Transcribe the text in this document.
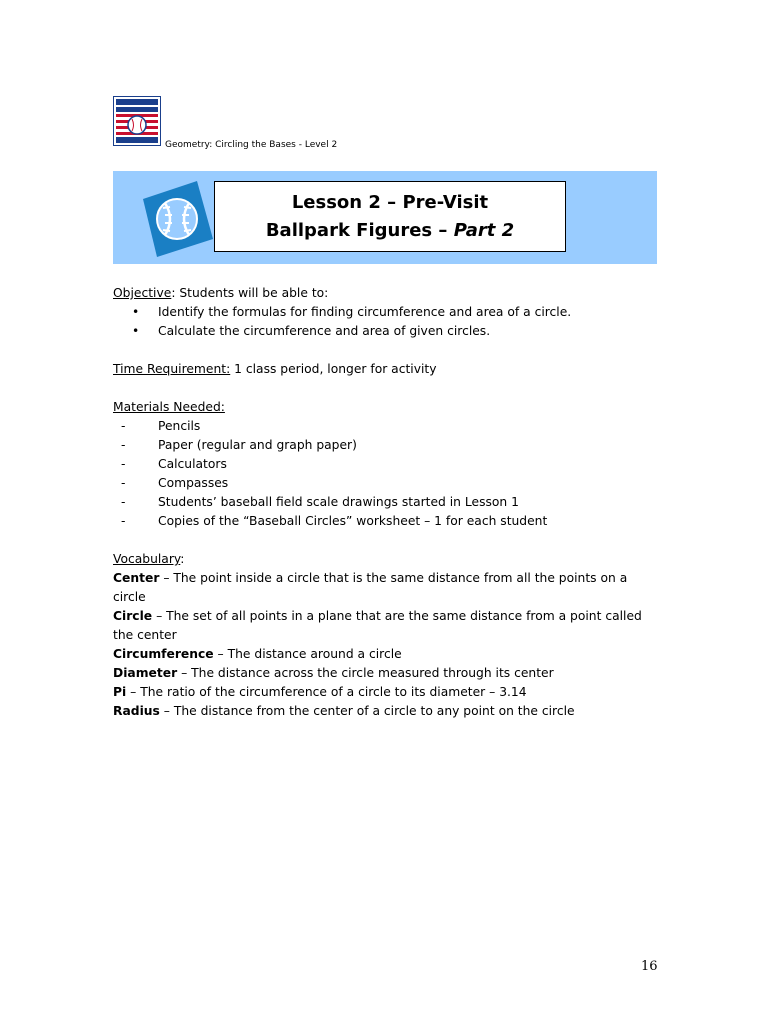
Geometry: Circling the Bases - Level 2
Lesson 2 – Pre-Visit
Ballpark Figures – Part 2
Objective: Students will be able to:
• Identify the formulas for finding circumference and area of a circle.
• Calculate the circumference and area of given circles.
Time Requirement: 1 class period, longer for activity
Materials Needed:
-	Pencils
-	Paper (regular and graph paper)
-	Calculators
-	Compasses
-	Students’ baseball field scale drawings started in Lesson 1
-	Copies of the “Baseball Circles” worksheet – 1 for each student
Vocabulary:
Center – The point inside a circle that is the same distance from all the points on a circle
Circle – The set of all points in a plane that are the same distance from a point called the center
Circumference – The distance around a circle
Diameter – The distance across the circle measured through its center
Pi – The ratio of the circumference of a circle to its diameter – 3.14
Radius – The distance from the center of a circle to any point on the circle
16
